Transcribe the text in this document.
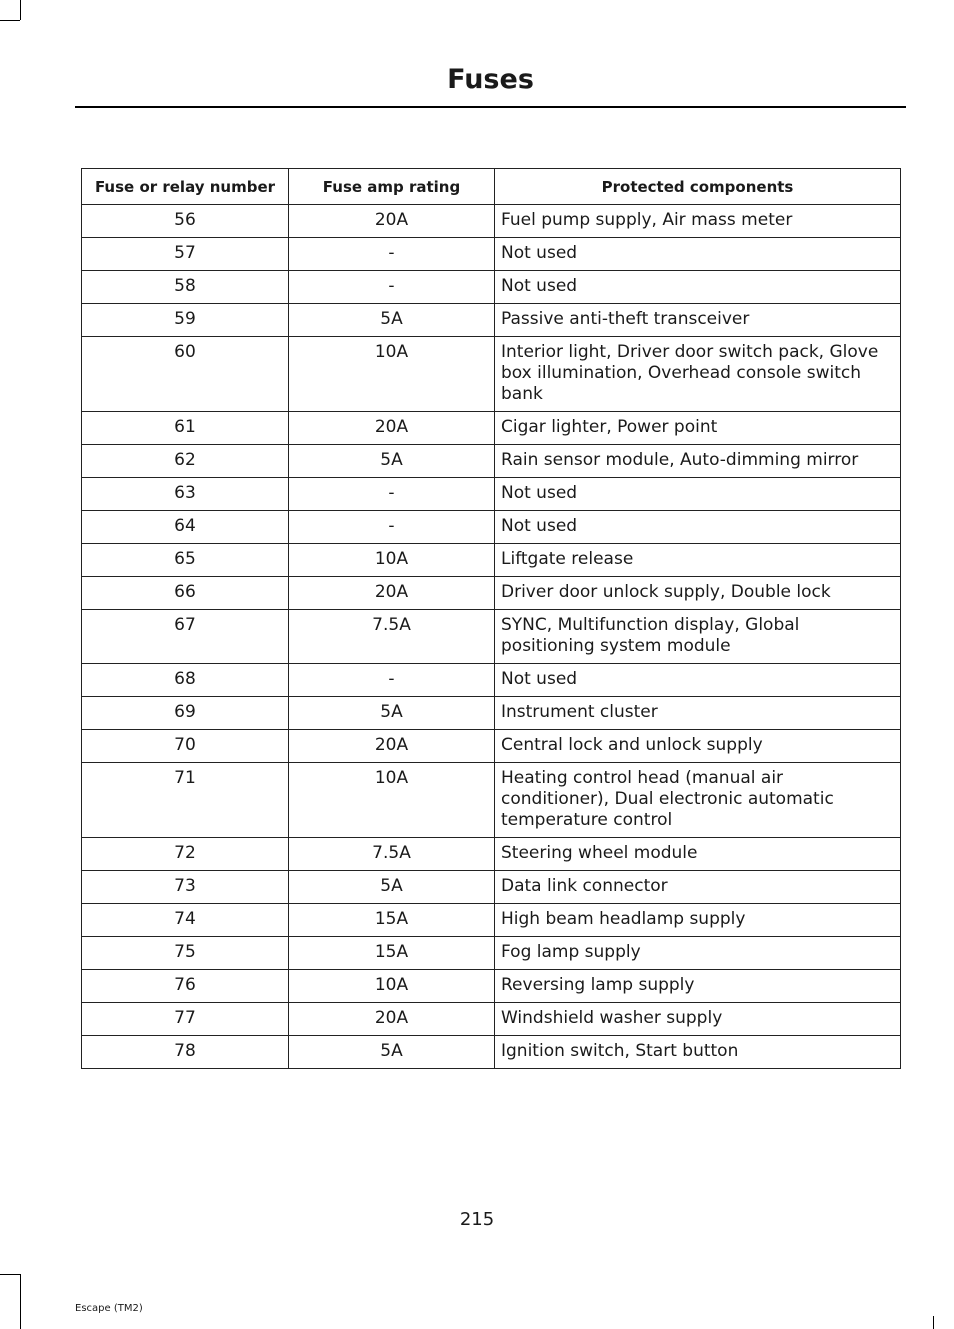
Fuses
Fuse or relay number	Fuse amp rating	Protected components
56	20A	Fuel pump supply, Air mass meter
57	-	Not used
58	-	Not used
59	5A	Passive anti-theft transceiver
60	10A	Interior light, Driver door switch pack, Glove box illumination, Overhead console switch bank
61	20A	Cigar lighter, Power point
62	5A	Rain sensor module, Auto-dimming mirror
63	-	Not used
64	-	Not used
65	10A	Liftgate release
66	20A	Driver door unlock supply, Double lock
67	7.5A	SYNC, Multifunction display, Global positioning system module
68	-	Not used
69	5A	Instrument cluster
70	20A	Central lock and unlock supply
71	10A	Heating control head (manual air conditioner), Dual electronic automatic temperature control
72	7.5A	Steering wheel module
73	5A	Data link connector
74	15A	High beam headlamp supply
75	15A	Fog lamp supply
76	10A	Reversing lamp supply
77	20A	Windshield washer supply
78	5A	Ignition switch, Start button
215
Escape (TM2)
